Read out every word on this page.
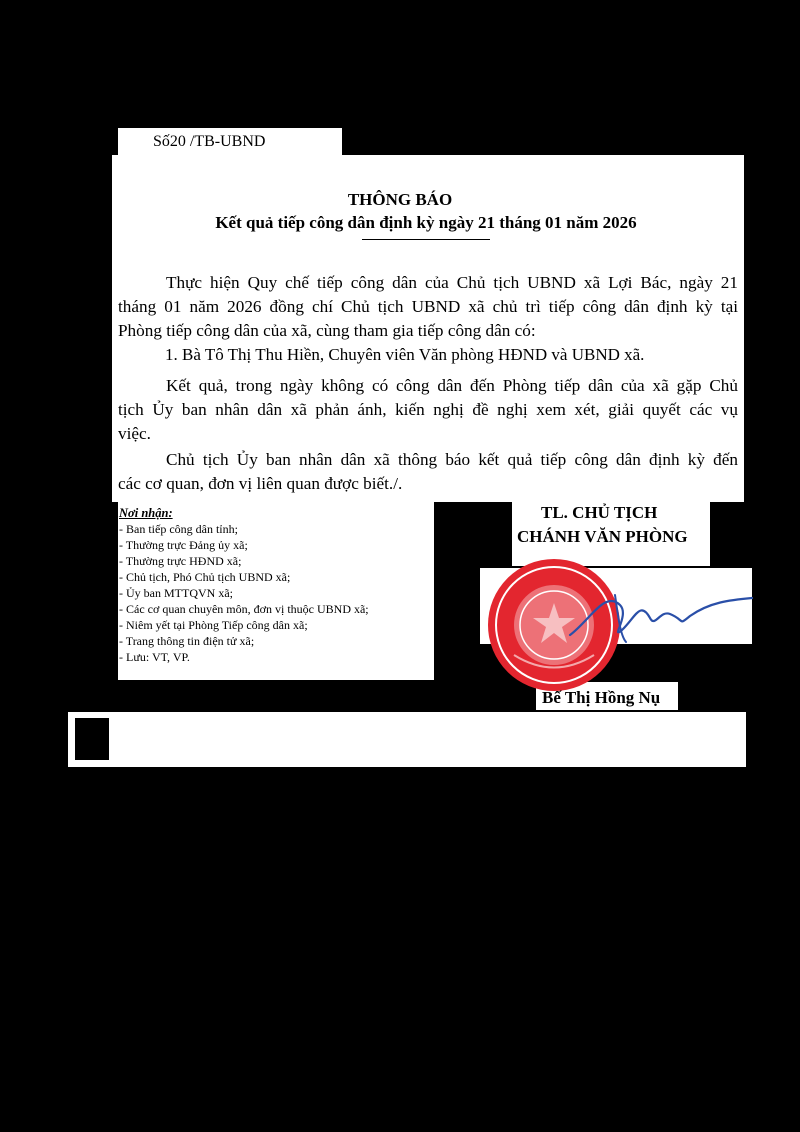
Số20 /TB-UBND
THÔNG BÁO
Kết quả tiếp công dân định kỳ ngày 21 tháng 01 năm 2026
Thực hiện Quy chế tiếp công dân của Chủ tịch UBND xã Lợi Bác, ngày 21
tháng 01 năm 2026 đồng chí Chủ tịch UBND xã chủ trì tiếp công dân định kỳ tại
Phòng tiếp công dân của xã, cùng tham gia tiếp công dân có:
1. Bà Tô Thị Thu Hiền, Chuyên viên Văn phòng HĐND và UBND xã.
Kết quả, trong ngày không có công dân đến Phòng tiếp dân của xã gặp Chủ
tịch Ủy ban nhân dân xã phản ánh, kiến nghị đề nghị xem xét, giải quyết các vụ
việc.
Chủ tịch Ủy ban nhân dân xã thông báo kết quả tiếp công dân định kỳ đến
các cơ quan, đơn vị liên quan được biết./.
Nơi nhận:
- Ban tiếp công dân tỉnh;
- Thường trực Đảng ủy xã;
- Thường trực HĐND xã;
- Chủ tịch, Phó Chủ tịch UBND xã;
- Ủy ban MTTQVN xã;
- Các cơ quan chuyên môn, đơn vị thuộc UBND xã;
- Niêm yết tại Phòng Tiếp công dân xã;
- Trang thông tin điện tử xã;
- Lưu: VT, VP.
TL. CHỦ TỊCH
CHÁNH VĂN PHÒNG
Bế Thị Hồng Nụ
